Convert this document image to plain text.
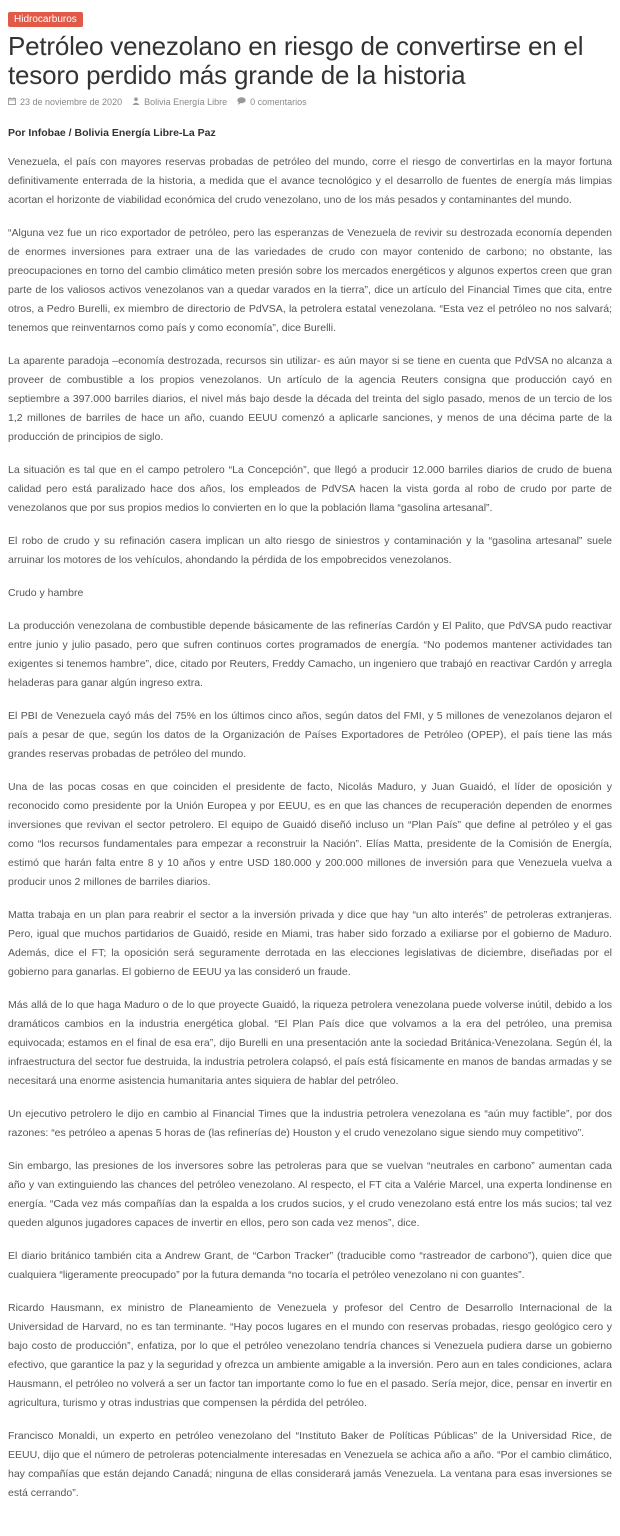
Hidrocarburos
Petróleo venezolano en riesgo de convertirse en el tesoro perdido más grande de la historia
23 de noviembre de 2020 Bolivia Energía Libre	0 comentarios

Por Infobae / Bolivia Energía Libre-La Paz

Venezuela, el país con mayores reservas probadas de petróleo del mundo, corre el riesgo de convertirlas en la mayor fortuna definitivamente enterrada de la historia, a medida que el avance tecnológico y el desarrollo de fuentes de energía más limpias acortan el horizonte de viabilidad económica del crudo venezolano, uno de los más pesados y contaminantes del mundo.

“Alguna vez fue un rico exportador de petróleo, pero las esperanzas de Venezuela de revivir su destrozada economía dependen de enormes inversiones para extraer una de las variedades de crudo con mayor contenido de carbono; no obstante, las preocupaciones en torno del cambio climático meten presión sobre los mercados energéticos y algunos expertos creen que gran parte de los valiosos activos venezolanos van a quedar varados en la tierra”, dice un artículo del Financial Times que cita, entre otros, a Pedro Burelli, ex miembro de directorio de PdVSA, la petrolera estatal venezolana. “Esta vez el petróleo no nos salvará; tenemos que reinventarnos como país y como economía”, dice Burelli.

La aparente paradoja –economía destrozada, recursos sin utilizar- es aún mayor si se tiene en cuenta que PdVSA no alcanza a proveer de combustible a los propios venezolanos. Un artículo de la agencia Reuters consigna que producción cayó en septiembre a 397.000 barriles diarios, el nivel más bajo desde la década del treinta del siglo pasado, menos de un tercio de los 1,2 millones de barriles de hace un año, cuando EEUU comenzó a aplicarle sanciones, y menos de una décima parte de la producción de principios de siglo.

La situación es tal que en el campo petrolero “La Concepción”, que llegó a producir 12.000 barriles diarios de crudo de buena calidad pero está paralizado hace dos años, los empleados de PdVSA hacen la vista gorda al robo de crudo por parte de venezolanos que por sus propios medios lo convierten en lo que la población llama “gasolina artesanal”.

El robo de crudo y su refinación casera implican un alto riesgo de siniestros y contaminación y la “gasolina artesanal” suele arruinar los motores de los vehículos, ahondando la pérdida de los empobrecidos venezolanos.

Crudo y hambre

La producción venezolana de combustible depende básicamente de las refinerías Cardón y El Palito, que PdVSA pudo reactivar entre junio y julio pasado, pero que sufren continuos cortes programados de energía. “No podemos mantener actividades tan exigentes si tenemos hambre”, dice, citado por Reuters, Freddy Camacho, un ingeniero que trabajó en reactivar Cardón y arregla heladeras para ganar algún ingreso extra.

El PBI de Venezuela cayó más del 75% en los últimos cinco años, según datos del FMI, y 5 millones de venezolanos dejaron el país a pesar de que, según los datos de la Organización de Países Exportadores de Petróleo (OPEP), el país tiene las más grandes reservas probadas de petróleo del mundo.

Una de las pocas cosas en que coinciden el presidente de facto, Nicolás Maduro, y Juan Guaidó, el líder de oposición y reconocido como presidente por la Unión Europea y por EEUU, es en que las chances de recuperación dependen de enormes inversiones que revivan el sector petrolero. El equipo de Guaidó diseñó incluso un “Plan País” que define al petróleo y el gas como “los recursos fundamentales para empezar a reconstruir la Nación”. Elías Matta, presidente de la Comisión de Energía, estimó que harán falta entre 8 y 10 años y entre USD 180.000 y 200.000 millones de inversión para que Venezuela vuelva a producir unos 2 millones de barriles diarios.

Matta trabaja en un plan para reabrir el sector a la inversión privada y dice que hay “un alto interés” de petroleras extranjeras. Pero, igual que muchos partidarios de Guaidó, reside en Miami, tras haber sido forzado a exiliarse por el gobierno de Maduro. Además, dice el FT; la oposición será seguramente derrotada en las elecciones legislativas de diciembre, diseñadas por el gobierno para ganarlas. El gobierno de EEUU ya las consideró un fraude.

Más allá de lo que haga Maduro o de lo que proyecte Guaidó, la riqueza petrolera venezolana puede volverse inútil, debido a los dramáticos cambios en la industria energética global. “El Plan País dice que volvamos a la era del petróleo, una premisa equivocada; estamos en el final de esa era”, dijo Burelli en una presentación ante la sociedad Británica-Venezolana. Según él, la infraestructura del sector fue destruida, la industria petrolera colapsó, el país está físicamente en manos de bandas armadas y se necesitará una enorme asistencia humanitaria antes siquiera de hablar del petróleo.

Un ejecutivo petrolero le dijo en cambio al Financial Times que la industria petrolera venezolana es “aún muy factible”, por dos razones: “es petróleo a apenas 5 horas de (las refinerías de) Houston y el crudo venezolano sigue siendo muy competitivo”.

Sin embargo, las presiones de los inversores sobre las petroleras para que se vuelvan “neutrales en carbono” aumentan cada año y van extinguiendo las chances del petróleo venezolano. Al respecto, el FT cita a Valérie Marcel, una experta londinense en energía. “Cada vez más compañías dan la espalda a los crudos sucios, y el crudo venezolano está entre los más sucios; tal vez queden algunos jugadores capaces de invertir en ellos, pero son cada vez menos”, dice.

El diario británico también cita a Andrew Grant, de “Carbon Tracker” (traducible como “rastreador de carbono”), quien dice que cualquiera “ligeramente preocupado” por la futura demanda “no tocaría el petróleo venezolano ni con guantes”.

Ricardo Hausmann, ex ministro de Planeamiento de Venezuela y profesor del Centro de Desarrollo Internacional de la Universidad de Harvard, no es tan terminante. “Hay pocos lugares en el mundo con reservas probadas, riesgo geológico cero y bajo costo de producción”, enfatiza, por lo que el petróleo venezolano tendría chances si Venezuela pudiera darse un gobierno efectivo, que garantice la paz y la seguridad y ofrezca un ambiente amigable a la inversión. Pero aun en tales condiciones, aclara Hausmann, el petróleo no volverá a ser un factor tan importante como lo fue en el pasado. Sería mejor, dice, pensar en invertir en agricultura, turismo y otras industrias que compensen la pérdida del petróleo.

Francisco Monaldi, un experto en petróleo venezolano del “Instituto Baker de Políticas Públicas” de la Universidad Rice, de EEUU, dijo que el número de petroleras potencialmente interesadas en Venezuela se achica año a año. “Por el cambio climático, hay compañías que están dejando Canadá; ninguna de ellas considerará jamás Venezuela. La ventana para esas inversiones se está cerrando”.
